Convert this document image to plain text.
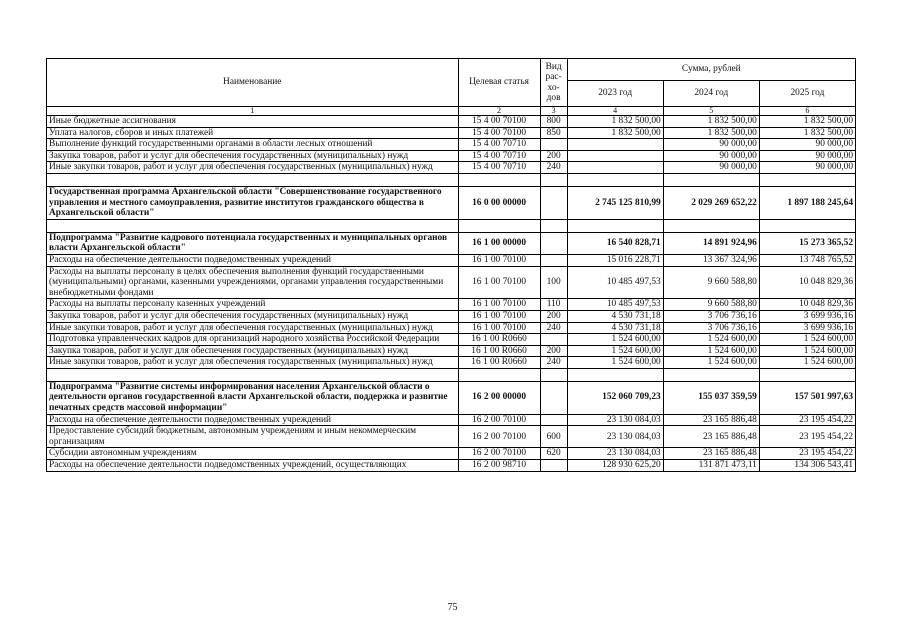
Наименование	Целевая статья	Вид рас-хо-дов	Сумма, рублей		
			2023 год	2024 год	2025 год
1	2	3	4	5	6
Иные бюджетные ассигнования	15 4 00 70100	800	1 832 500,00	1 832 500,00	1 832 500,00
Уплата налогов, сборов и иных платежей	15 4 00 70100	850	1 832 500,00	1 832 500,00	1 832 500,00
Выполнение функций государственными органами в области лесных отношений	15 4 00 70710			90 000,00	90 000,00
Закупка товаров, работ и услуг для обеспечения государственных (муниципальных) нужд	15 4 00 70710	200		90 000,00	90 000,00
Иные закупки товаров, работ и услуг для обеспечения государственных (муниципальных) нужд	15 4 00 70710	240		90 000,00	90 000,00

Государственная программа Архангельской области "Совершенствование государственного управления и местного самоуправления, развитие институтов гражданского общества в Архангельской области"	16 0 00 00000		2 745 125 810,99	2 029 269 652,22	1 897 188 245,64

Подпрограмма "Развитие кадрового потенциала государственных и муниципальных органов власти Архангельской области"	16 1 00 00000		16 540 828,71	14 891 924,96	15 273 365,52
Расходы на обеспечение деятельности подведомственных учреждений	16 1 00 70100		15 016 228,71	13 367 324,96	13 748 765,52
Расходы на выплаты персоналу в целях обеспечения выполнения функций государственными (муниципальными) органами, казенными учреждениями, органами управления государственными внебюджетными фондами	16 1 00 70100	100	10 485 497,53	9 660 588,80	10 048 829,36
Расходы на выплаты персоналу казенных учреждений	16 1 00 70100	110	10 485 497,53	9 660 588,80	10 048 829,36
Закупка товаров, работ и услуг для обеспечения государственных (муниципальных) нужд	16 1 00 70100	200	4 530 731,18	3 706 736,16	3 699 936,16
Иные закупки товаров, работ и услуг для обеспечения государственных (муниципальных) нужд	16 1 00 70100	240	4 530 731,18	3 706 736,16	3 699 936,16
Подготовка управленческих кадров для организаций народного хозяйства Российской Федерации	16 1 00 R0660		1 524 600,00	1 524 600,00	1 524 600,00
Закупка товаров, работ и услуг для обеспечения государственных (муниципальных) нужд	16 1 00 R0660	200	1 524 600,00	1 524 600,00	1 524 600,00
Иные закупки товаров, работ и услуг для обеспечения государственных (муниципальных) нужд	16 1 00 R0660	240	1 524 600,00	1 524 600,00	1 524 600,00

Подпрограмма "Развитие системы информирования населения Архангельской области о деятельности органов государственной власти Архангельской области, поддержка и развитие печатных средств массовой информации"	16 2 00 00000		152 060 709,23	155 037 359,59	157 501 997,63
Расходы на обеспечение деятельности подведомственных учреждений	16 2 00 70100		23 130 084,03	23 165 886,48	23 195 454,22
Предоставление субсидий бюджетным, автономным учреждениям и иным некоммерческим организациям	16 2 00 70100	600	23 130 084,03	23 165 886,48	23 195 454,22
Субсидии автономным учреждениям	16 2 00 70100	620	23 130 084,03	23 165 886,48	23 195 454,22
Расходы на обеспечение деятельности подведомственных учреждений, осуществляющих	16 2 00 98710		128 930 625,20	131 871 473,11	134 306 543,41
75
